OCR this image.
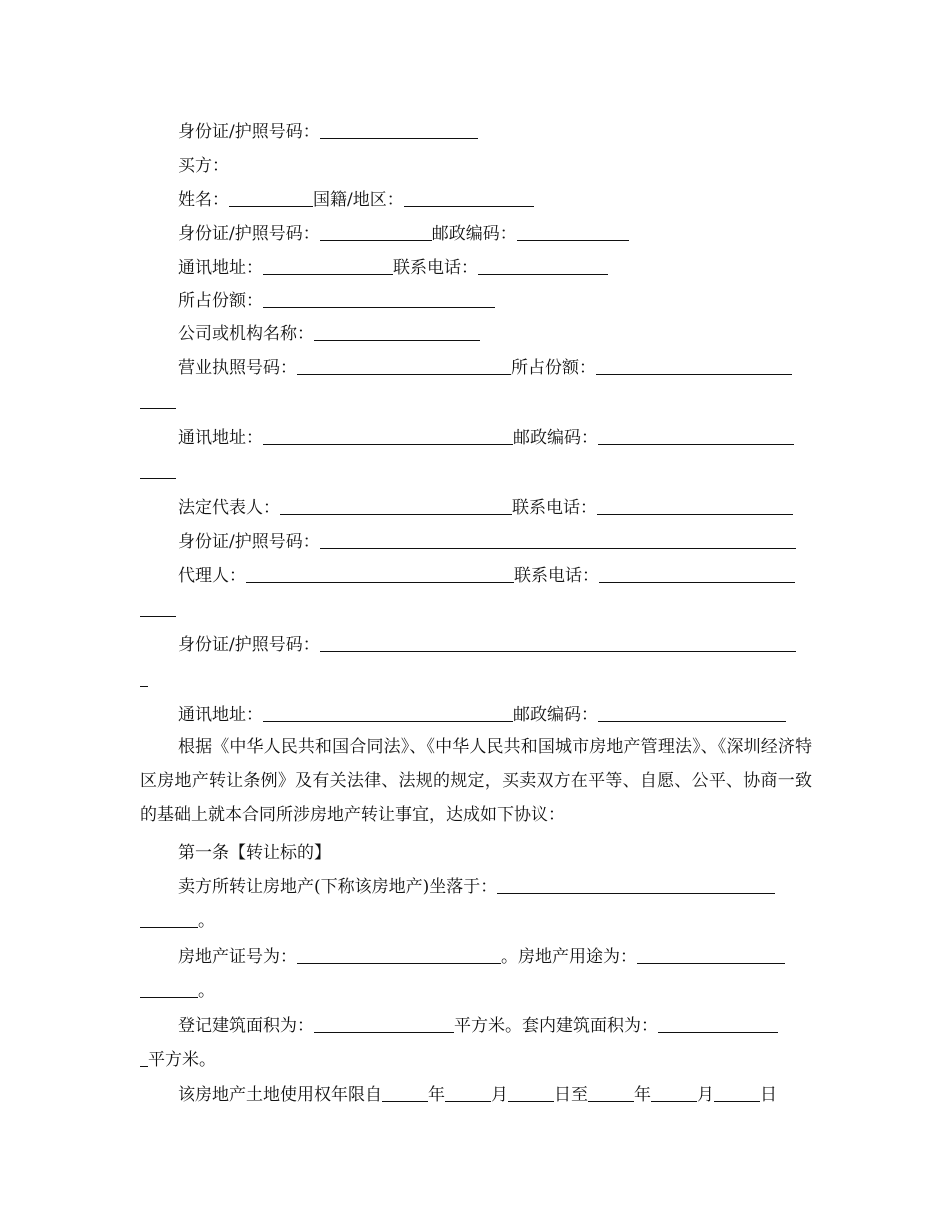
身份证/护照号码：
买方：
姓名：	国籍/地区：
身份证/护照号码：	邮政编码：
通讯地址：	联系电话：
所占份额：
公司或机构名称：
营业执照号码：	所占份额：
通讯地址：	邮政编码：
法定代表人：	联系电话：
身份证/护照号码：
代理人：	联系电话：
身份证/护照号码：
通讯地址：	邮政编码：
根据《中华人民共和国合同法》、《中华人民共和国城市房地产管理法》、《深圳经济特区房地产转让条例》及有关法律、法规的规定，买卖双方在平等、自愿、公平、协商一致的基础上就本合同所涉房地产转让事宜，达成如下协议：
第一条【转让标的】
卖方所转让房地产(下称该房地产)坐落于：
。
房地产证号为：	。房地产用途为：
。
登记建筑面积为：	平方米。套内建筑面积为：
平方米。
该房地产土地使用权年限自	年	月	日至	年	月	日
